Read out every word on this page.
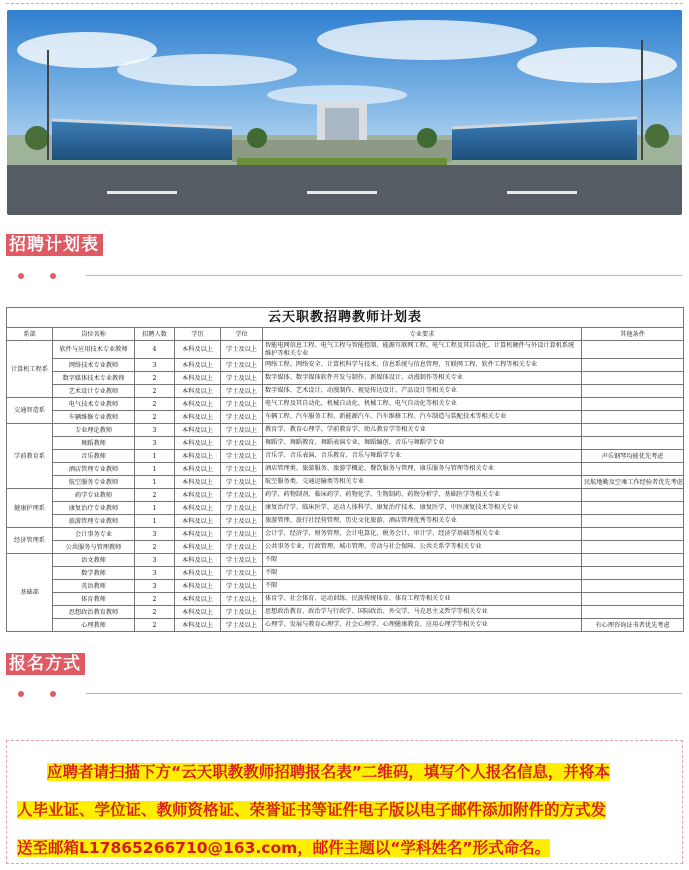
招聘计划表
云天职教招聘教师计划表						
系部	岗位名称	招聘人数	学历	学位	专业要求	其他条件
计算机工程系	软件与应用技术专业教师	4	本科及以上	学士及以上	智能电网信息工程、电气工程与智能控制、能源互联网工程、电气工程及其自动化、计算机硬件与外设计算机系统维护等相关专业	
	网络技术专业教师	3	本科及以上	学士及以上	网络工程、网络安全、计算机科学与技术、信息系统与信息管理、互联网工程、软件工程等相关专业	
	数字媒体技术专业教师	2	本科及以上	学士及以上	数字媒体、数字媒体软件开发与制作、新媒体设计、动漫制作等相关专业	
	艺术设计专业教师	2	本科及以上	学士及以上	数字媒体、艺术设计、动漫制作、视觉传达设计、产品设计等相关专业	
交通智造系	电气技术专业教师	2	本科及以上	学士及以上	电气工程及其自动化、机械自动化、机械工程、电气自动化等相关专业	
	车辆维修专业教师	2	本科及以上	学士及以上	车辆工程、汽车服务工程、新能源汽车、汽车维修工程、汽车制造与装配技术等相关专业	
学前教育系	专业理论教师	3	本科及以上	学士及以上	教育学、教育心理学、学前教育学、幼儿教育学等相关专业	
	舞蹈教师	3	本科及以上	学士及以上	舞蹈学、舞蹈教育、舞蹈表演专业、舞蹈编创、音乐与舞蹈学专业	
	音乐教师	1	本科及以上	学士及以上	音乐学、音乐表演、音乐教育、音乐与舞蹈学专业	声乐钢琴均能优先考虑
	酒店管理专业教师	1	本科及以上	学士及以上	酒店管理类、旅游服务、旅游学概论、餐饮服务与管理、康乐服务与管理等相关专业	
	航空服务专业教师	1	本科及以上	学士及以上	航空服务类、交通运输类等相关专业	民航地勤及空乘工作经验者优先考虑
健康护理系	药学专业教师	2	本科及以上	学士及以上	药学、药物制剂、临床药学、药物化学、生物制药、药物分析学、基础医学等相关专业	
	康复治疗专业教师	1	本科及以上	学士及以上	康复治疗学、临床医学、运动人体科学、康复治疗技术、康复医学、中医康复技术等相关专业	
	旅游管理专业教师	1	本科及以上	学士及以上	旅游管理、旅行社经营管理、历史文化旅游、酒店管理优秀等相关专业	
经济管理系	会计事务专业	3	本科及以上	学士及以上	会计学、经济学、财务管理、会计电算化、税务会计、审计学、经济学基础等相关专业	
	公共服务与管理教师	2	本科及以上	学士及以上	公共事务专业、行政管理、城市管理、劳动与社会保障、公共关系学等相关专业	
基础部	语文教师	3	本科及以上	学士及以上	不限	
	数学教师	3	本科及以上	学士及以上	不限	
	英语教师	3	本科及以上	学士及以上	不限	
	体育教师	2	本科及以上	学士及以上	体育学、社会体育、运动训练、民族传统体育、体育工程等相关专业	
	思想政治教育教师	2	本科及以上	学士及以上	思想政治教育、政治学与行政学、国际政治、外交学、马克思主义哲学等相关专业	
	心理教师	2	本科及以上	学士及以上	心理学、发展与教育心理学、社会心理学、心理健康教育、应用心理学等相关专业	有心理咨询证书者优先考虑
报名方式

应聘者请扫描下方“云天职教教师招聘报名表”二维码，填写个人报名信息，并将本

人毕业证、学位证、教师资格证、荣誉证书等证件电子版以电子邮件添加附件的方式发
送至邮箱L17865266710@163.com，邮件主题以“学科姓名”形式命名。
